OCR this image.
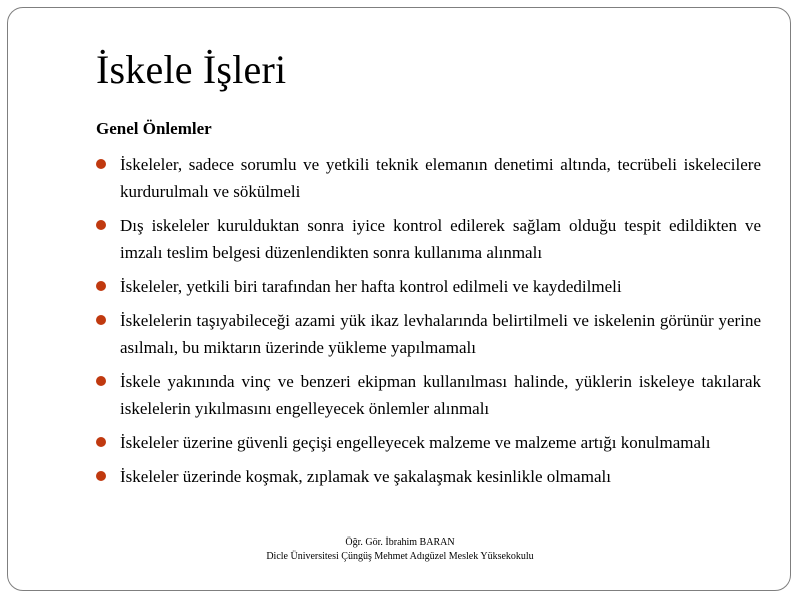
İskele İşleri
Genel Önlemler
İskeleler, sadece sorumlu ve yetkili teknik elemanın denetimi altında, tecrübeli iskelecilere kurdurulmalı ve sökülmeli
Dış iskeleler kurulduktan sonra iyice kontrol edilerek sağlam olduğu tespit edildikten ve imzalı teslim belgesi düzenlendikten sonra kullanıma alınmalı
İskeleler, yetkili biri tarafından her hafta kontrol edilmeli ve kaydedilmeli
İskelelerin taşıyabileceği azami yük ikaz levhalarında belirtilmeli ve iskelenin görünür yerine asılmalı, bu miktarın üzerinde yükleme yapılmamalı
İskele yakınında vinç ve benzeri ekipman kullanılması halinde, yüklerin iskeleye takılarak iskelelerin yıkılmasını engelleyecek önlemler alınmalı
İskeleler üzerine güvenli geçişi engelleyecek malzeme ve malzeme artığı konulmamalı
İskeleler üzerinde koşmak, zıplamak ve şakalaşmak kesinlikle olmamalı
Öğr. Gör. İbrahim BARAN
Dicle Üniversitesi Çüngüş Mehmet Adıgüzel Meslek Yüksekokulu
